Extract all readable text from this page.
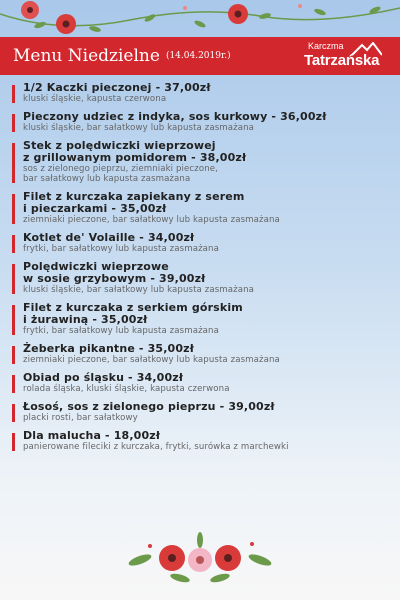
Menu Niedzielne (14.04.2019r.)
Karczma
Tatrzańska
1/2 Kaczki pieczonej - 37,00zł
kluski śląskie, kapusta czerwona
Pieczony udziec z indyka, sos kurkowy - 36,00zł
kluski śląskie, bar sałatkowy lub kapusta zasmażana
Stek z polędwiczki wieprzowej
z grillowanym pomidorem - 38,00zł
sos z zielonego pieprzu, ziemniaki pieczone,
bar sałatkowy lub kapusta zasmażana
Filet z kurczaka zapiekany z serem
i pieczarkami - 35,00zł
ziemniaki pieczone, bar sałatkowy lub kapusta zasmażana
Kotlet de' Volaille - 34,00zł
frytki, bar sałatkowy lub kapusta zasmażana
Polędwiczki wieprzowe
w sosie grzybowym - 39,00zł
kluski śląskie, bar sałatkowy lub kapusta zasmażana
Filet z kurczaka z serkiem górskim
i żurawiną - 35,00zł
frytki, bar sałatkowy lub kapusta zasmażana
Żeberka pikantne - 35,00zł
ziemniaki pieczone, bar sałatkowy lub kapusta zasmażana
Obiad po śląsku - 34,00zł
rolada śląska, kluski śląskie, kapusta czerwona
Łosoś, sos z zielonego pieprzu - 39,00zł
placki rosti, bar sałatkowy
Dla malucha - 18,00zł
panierowane fileciki z kurczaka, frytki, surówka z marchewki
